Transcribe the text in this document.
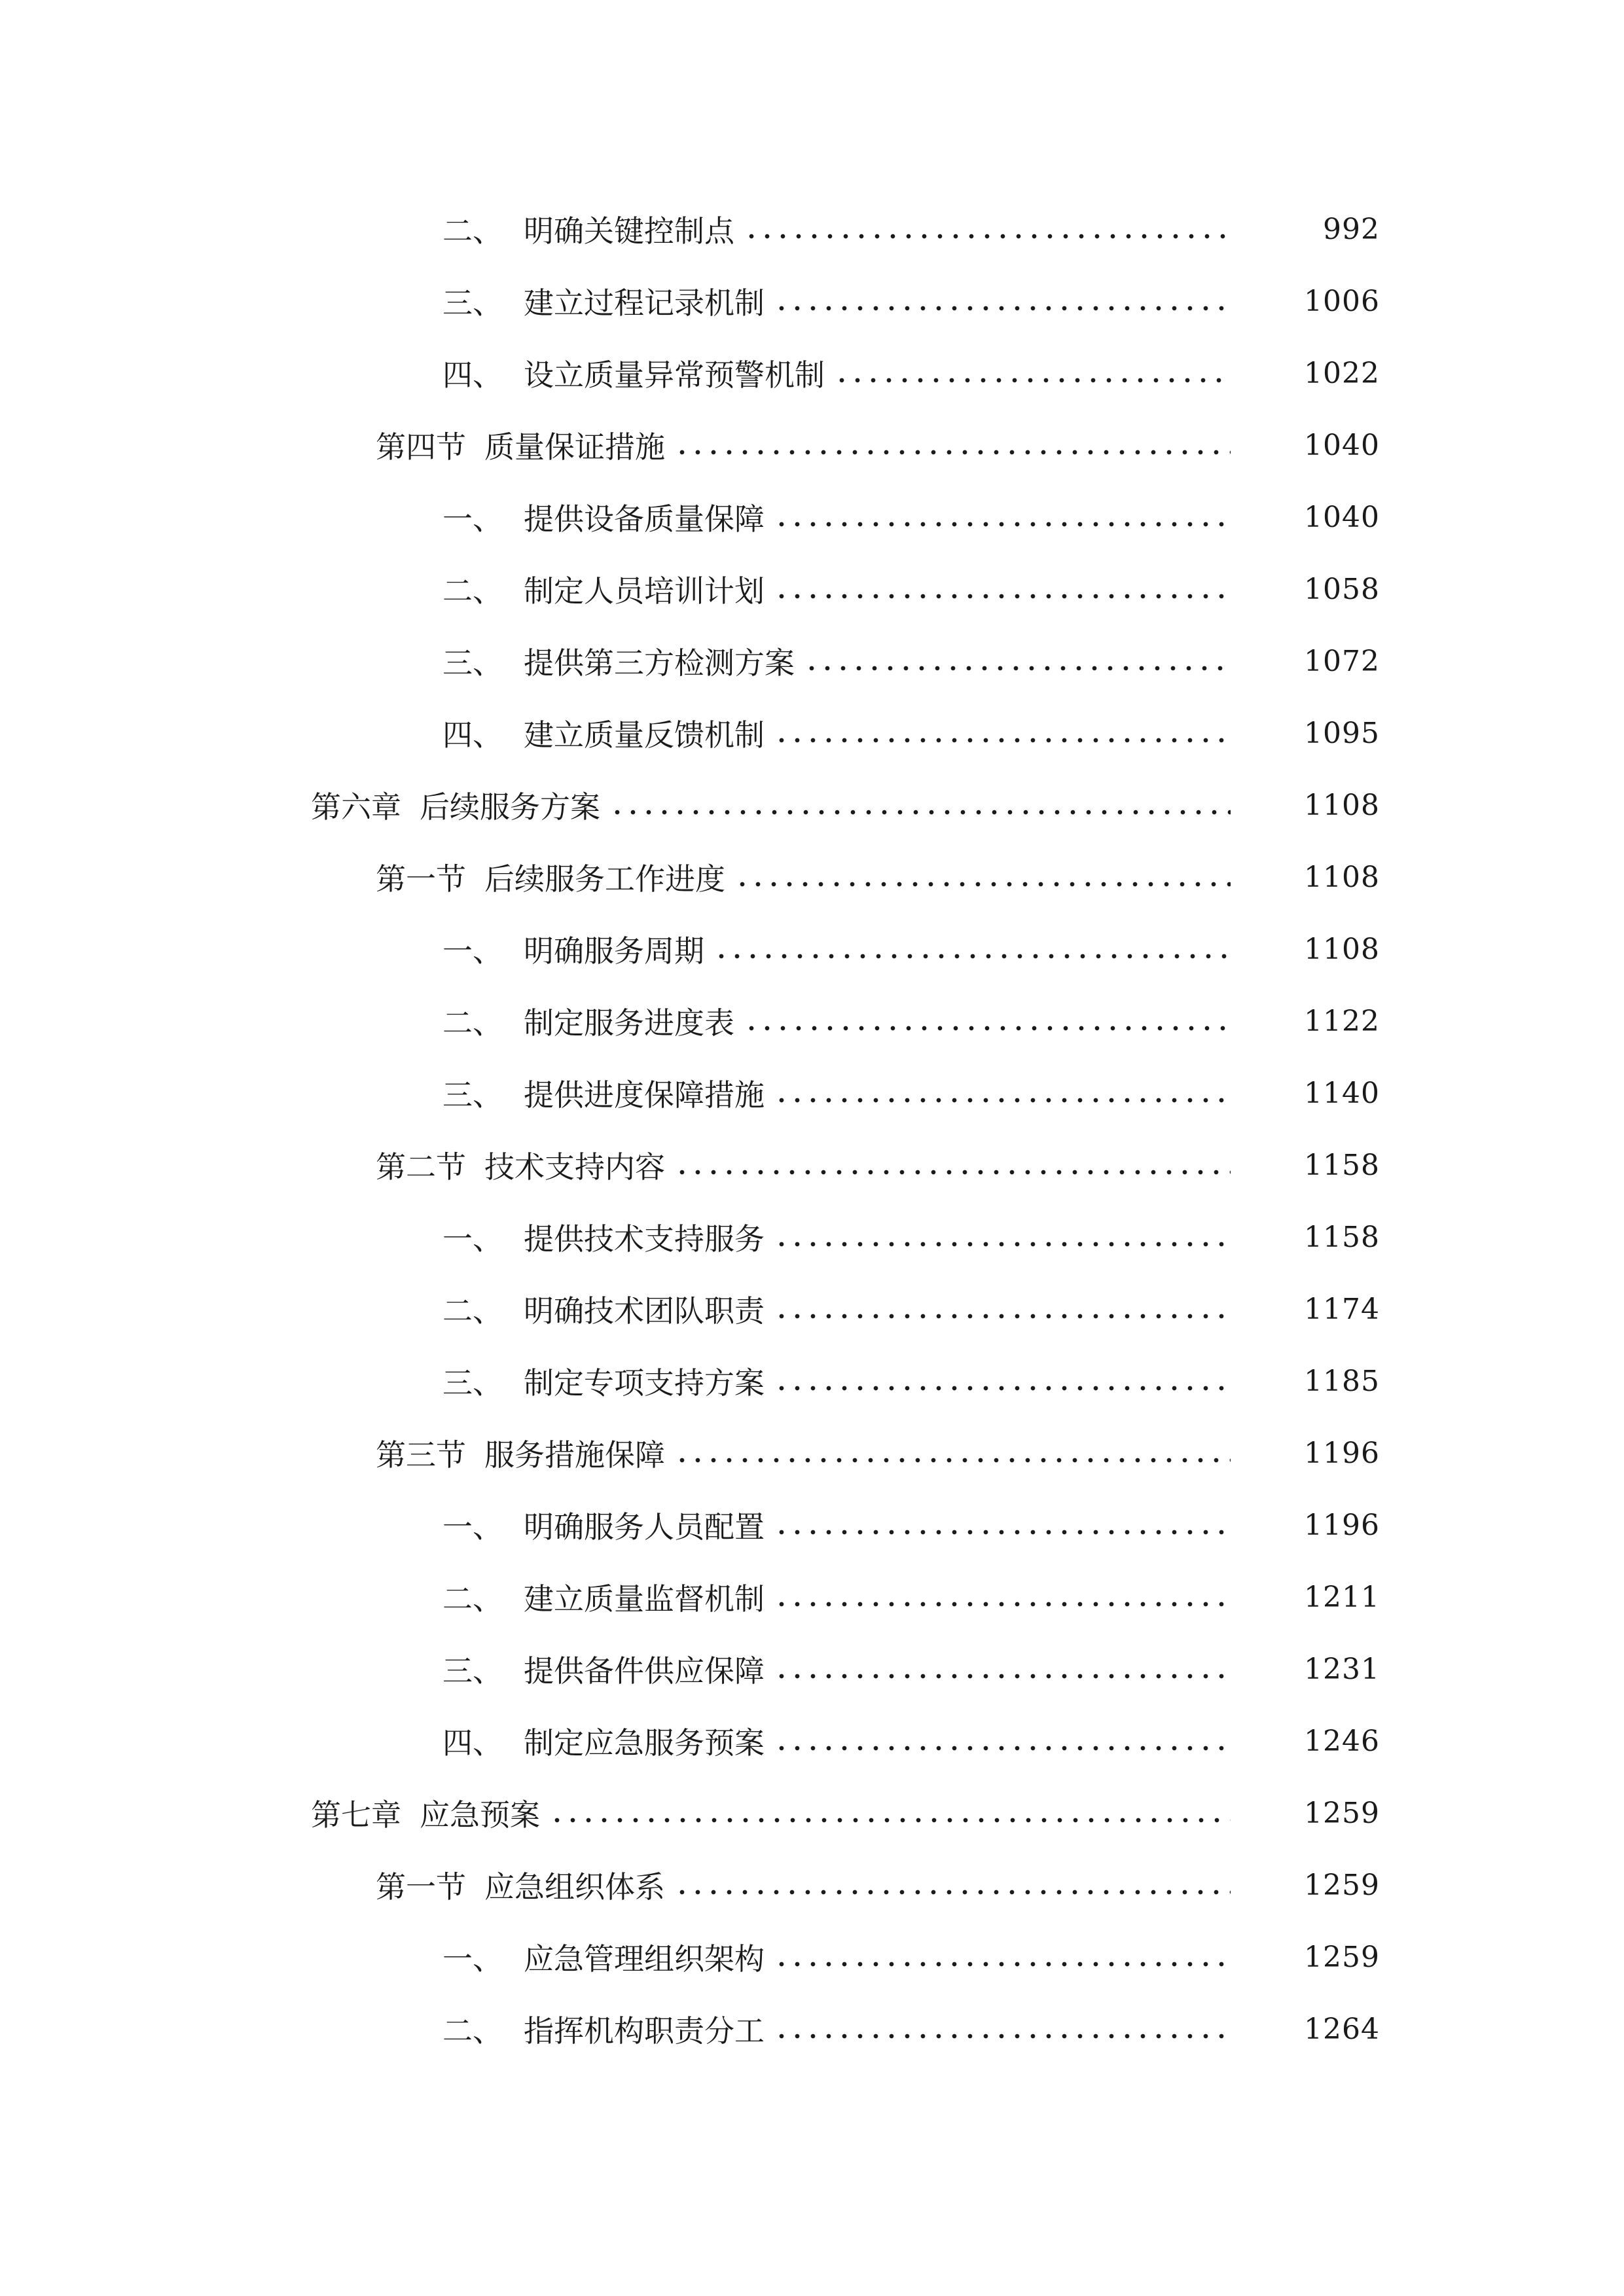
二、 明确关键控制点	992
三、 建立过程记录机制	1006
四、 设立质量异常预警机制	1022
第四节 质量保证措施	1040
一、 提供设备质量保障	1040
二、 制定人员培训计划	1058
三、 提供第三方检测方案	1072
四、 建立质量反馈机制	1095
第六章 后续服务方案	1108
第一节 后续服务工作进度	1108
一、 明确服务周期	1108
二、 制定服务进度表	1122
三、 提供进度保障措施	1140
第二节 技术支持内容	1158
一、 提供技术支持服务	1158
二、 明确技术团队职责	1174
三、 制定专项支持方案	1185
第三节 服务措施保障	1196
一、 明确服务人员配置	1196
二、 建立质量监督机制	1211
三、 提供备件供应保障	1231
四、 制定应急服务预案	1246
第七章 应急预案	1259
第一节 应急组织体系	1259
一、 应急管理组织架构	1259
二、 指挥机构职责分工	1264
